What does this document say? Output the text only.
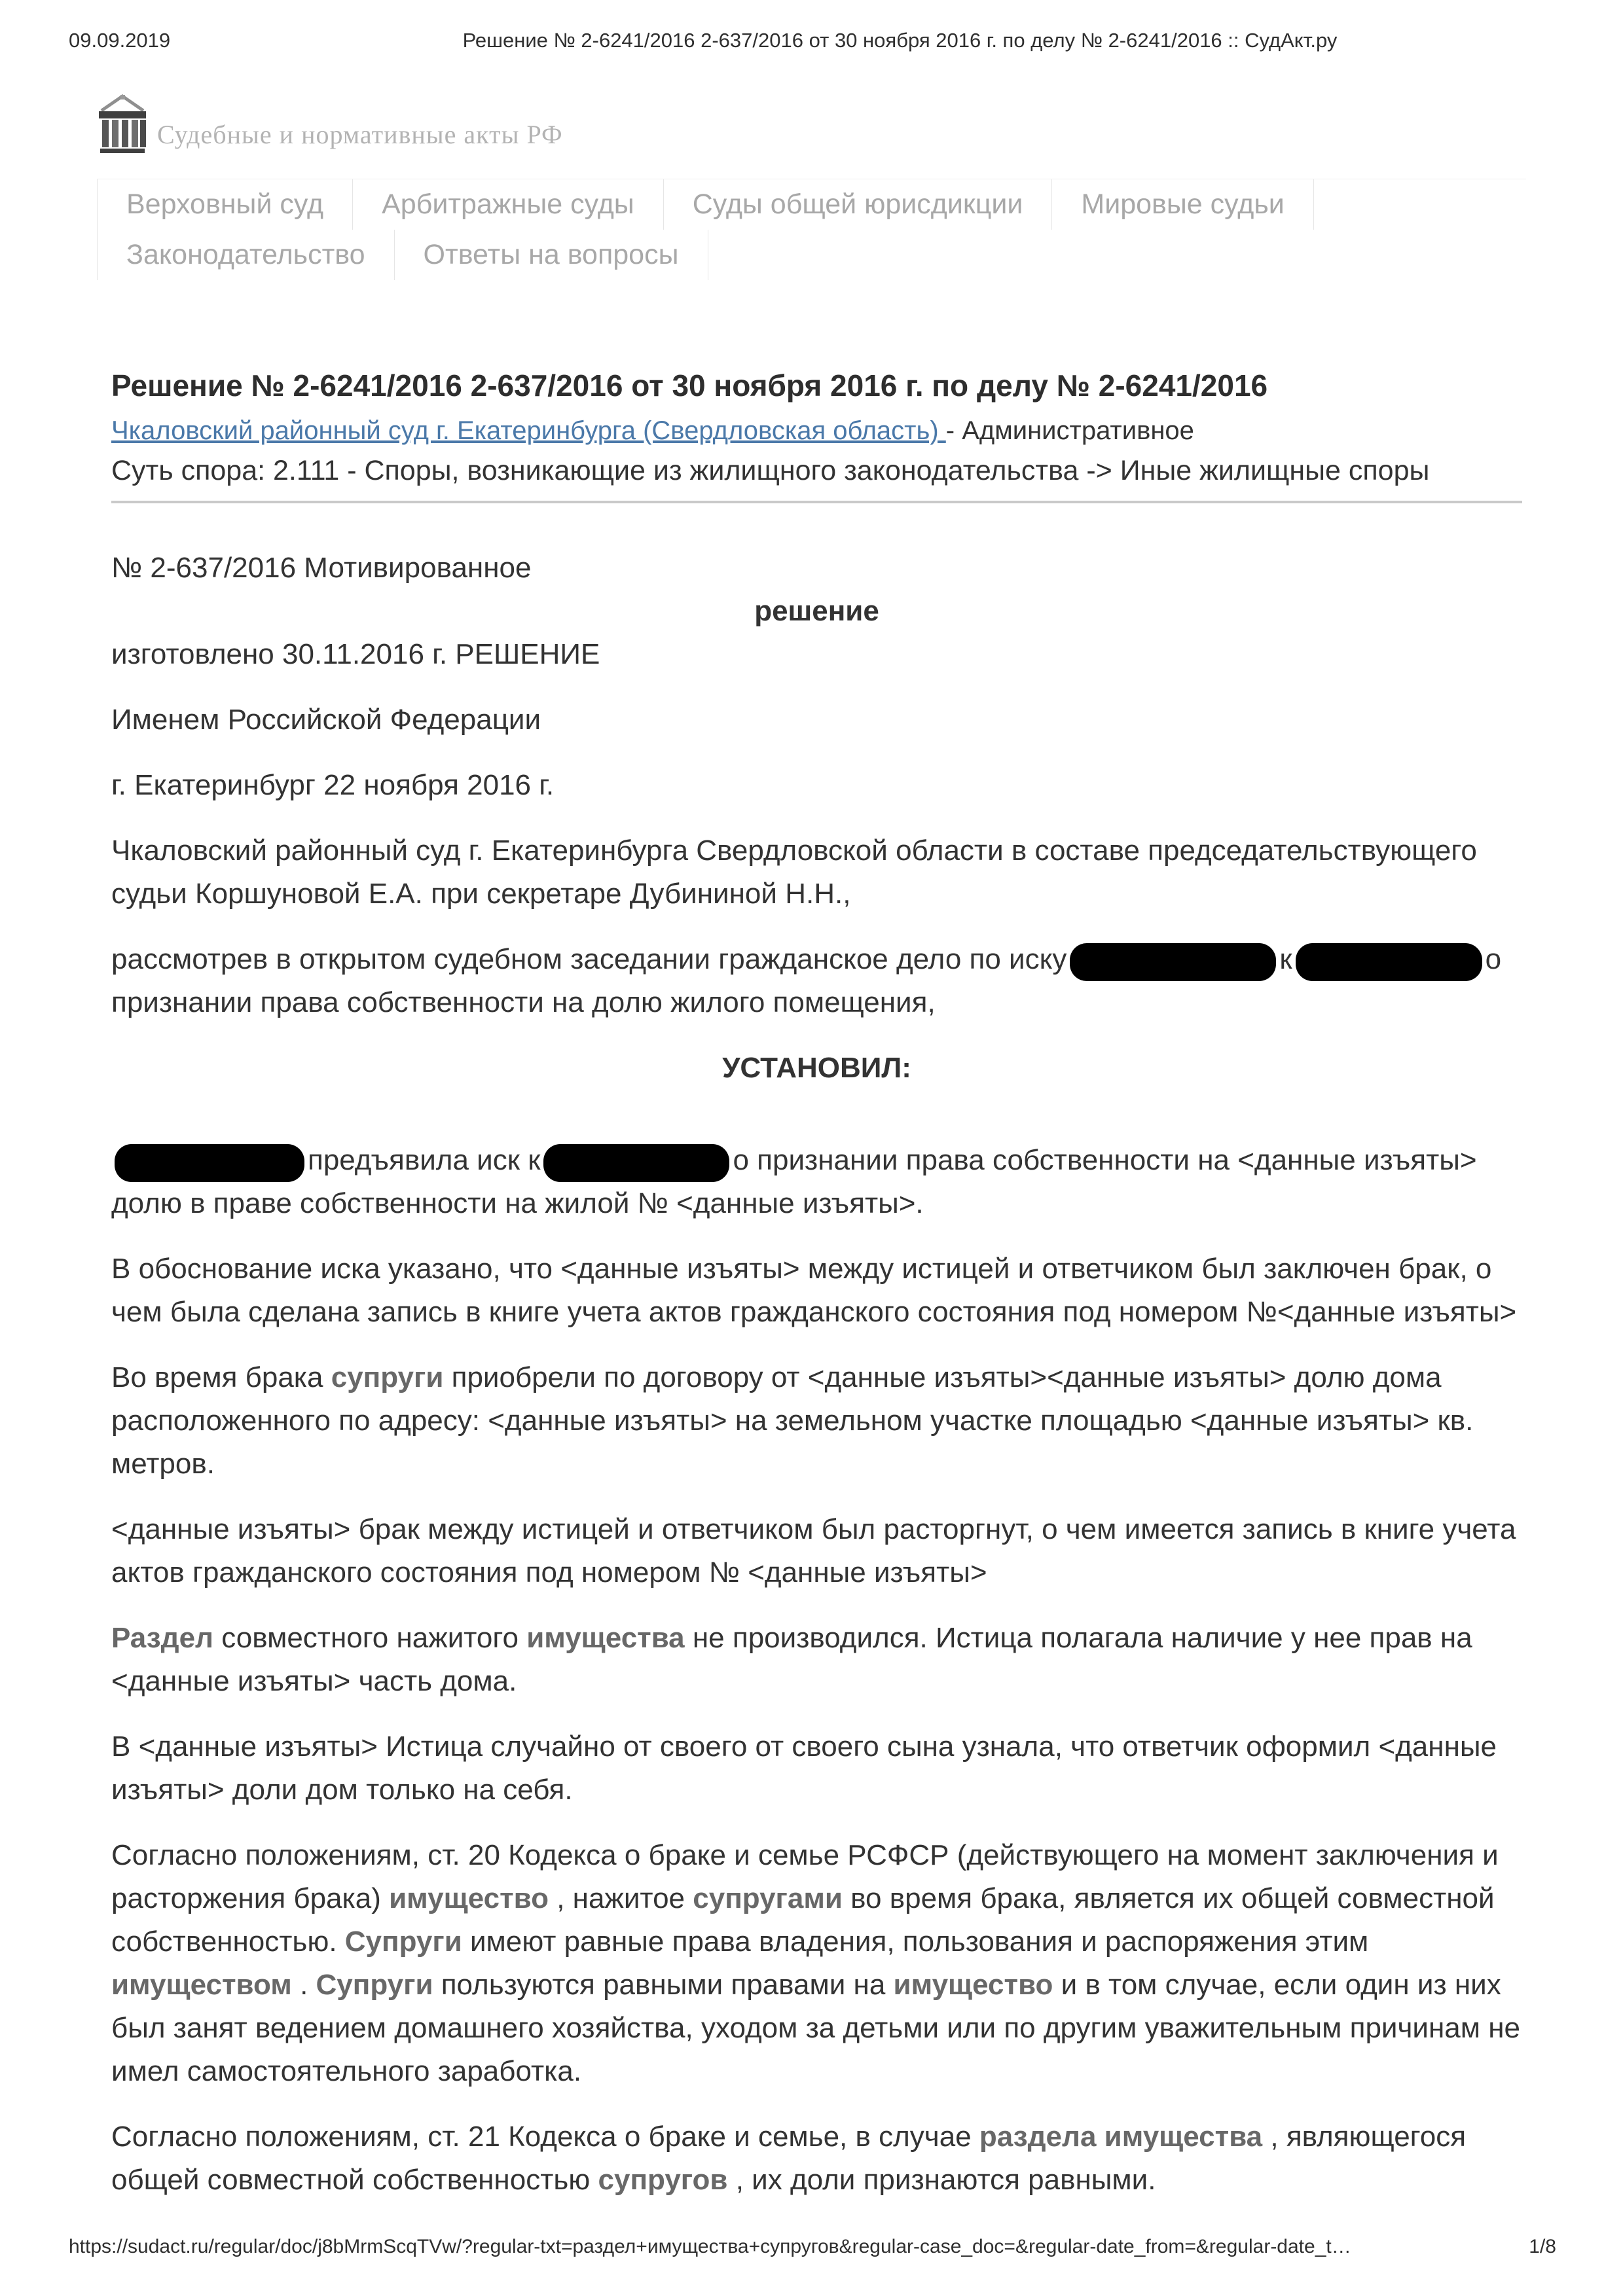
09.09.2019	Решение № 2-6241/2016 2-637/2016 от 30 ноября 2016 г. по делу № 2-6241/2016 :: СудАкт.ру
Судебные и нормативные акты РФ
Верховный суд	Арбитражные суды	Суды общей юрисдикции	Мировые судьи
Законодательство	Ответы на вопросы
Решение № 2-6241/2016 2-637/2016 от 30 ноября 2016 г. по делу № 2-6241/2016
Чкаловский районный суд г. Екатеринбурга (Свердловская область) - Административное
Суть спора: 2.111 - Споры, возникающие из жилищного законодательства -> Иные жилищные споры
№ 2-637/2016 Мотивированное
решение
изготовлено 30.11.2016 г. РЕШЕНИЕ
Именем Российской Федерации
г. Екатеринбург 22 ноября 2016 г.
Чкаловский районный суд г. Екатеринбурга Свердловской области в составе председательствующего судьи Коршуновой Е.А. при секретаре Дубининой Н.Н.,
рассмотрев в открытом судебном заседании гражданское дело по иску	к	о признании права собственности на долю жилого помещения,
УСТАНОВИЛ:
предъявила иск к	о признании права собственности на <данные изъяты> долю в праве собственности на жилой № <данные изъяты>.
В обоснование иска указано, что <данные изъяты> между истицей и ответчиком был заключен брак, о чем была сделана запись в книге учета актов гражданского состояния под номером №<данные изъяты>
Во время брака супруги приобрели по договору от <данные изъяты><данные изъяты> долю дома расположенного по адресу: <данные изъяты> на земельном участке площадью <данные изъяты> кв. метров.
<данные изъяты> брак между истицей и ответчиком был расторгнут, о чем имеется запись в книге учета актов гражданского состояния под номером № <данные изъяты>
Раздел совместного нажитого имущества не производился. Истица полагала наличие у нее прав на <данные изъяты> часть дома.
В <данные изъяты> Истица случайно от своего от своего сына узнала, что ответчик оформил <данные изъяты> доли дом только на себя.
Согласно положениям, ст. 20 Кодекса о браке и семье РСФСР (действующего на момент заключения и расторжения брака) имущество , нажитое супругами во время брака, является их общей совместной собственностью. Супруги имеют равные права владения, пользования и распоряжения этим имуществом . Супруги пользуются равными правами на имущество и в том случае, если один из них был занят ведением домашнего хозяйства, уходом за детьми или по другим уважительным причинам не имел самостоятельного заработка.
Согласно положениям, ст. 21 Кодекса о браке и семье, в случае раздела имущества , являющегося общей совместной собственностью супругов , их доли признаются равными.
https://sudact.ru/regular/doc/j8bMrmScqTVw/?regular-txt=раздел+имущества+супругов&regular-case_doc=&regular-date_from=&regular-date_t…	1/8
